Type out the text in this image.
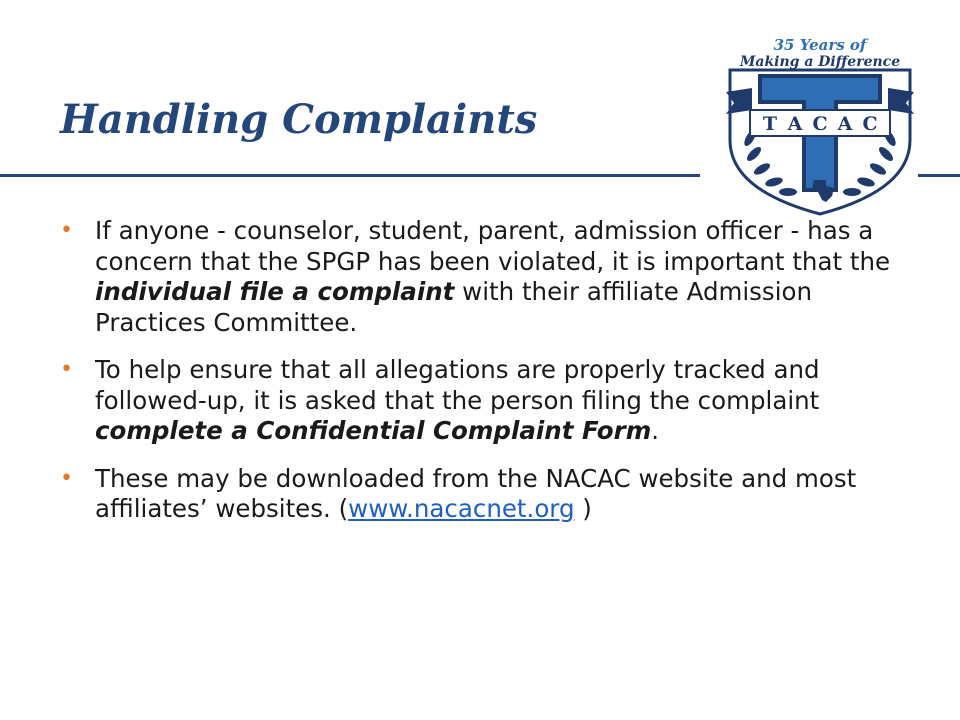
Handling Complaints
35 Years of
Making a Difference
T A C A C
• If anyone - counselor, student, parent, admission officer - has a concern that the SPGP has been violated, it is important that the individual file a complaint with their affiliate Admission Practices Committee.
• To help ensure that all allegations are properly tracked and followed-up, it is asked that the person filing the complaint complete a Confidential Complaint Form.
• These may be downloaded from the NACAC website and most affiliates’ websites. (www.nacacnet.org )
